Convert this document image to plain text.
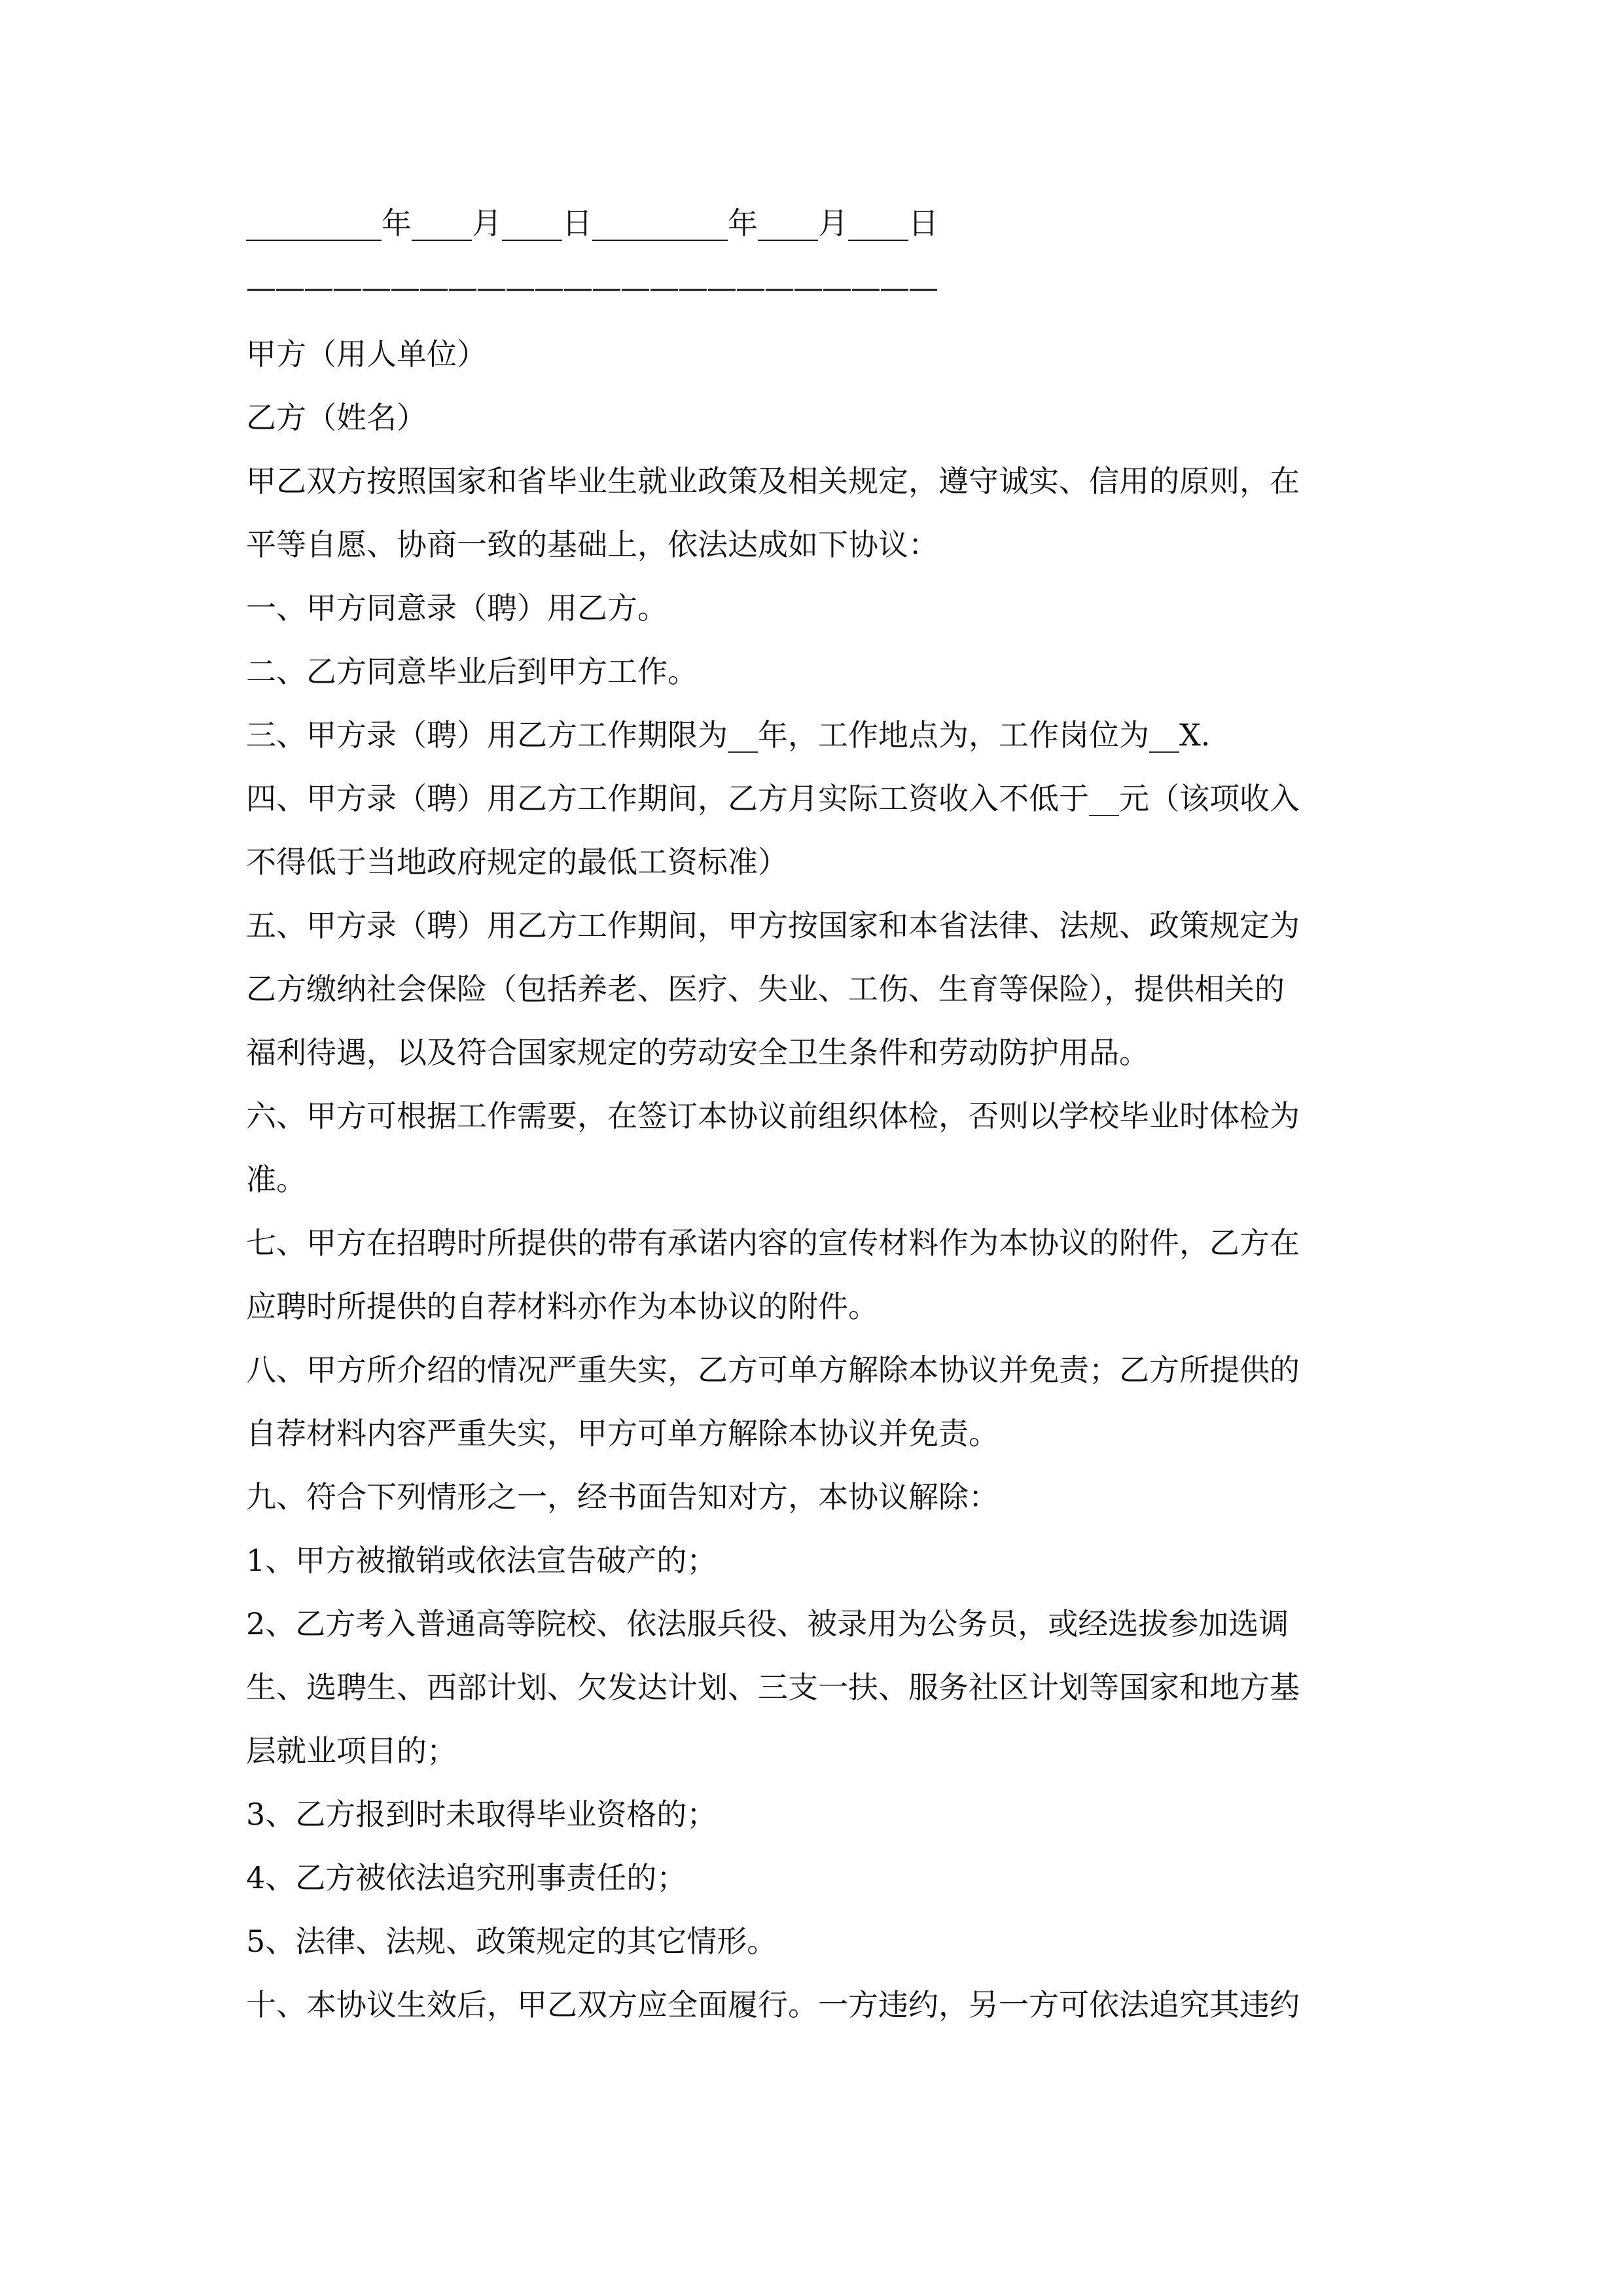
_________年____月____日_________年____月____日
————————————————————————
甲方（用人单位）
乙方（姓名）
甲乙双方按照国家和省毕业生就业政策及相关规定，遵守诚实、信用的原则，在
平等自愿、协商一致的基础上，依法达成如下协议：
一、甲方同意录（聘）用乙方。
二、乙方同意毕业后到甲方工作。
三、甲方录（聘）用乙方工作期限为__年，工作地点为，工作岗位为__X.
四、甲方录（聘）用乙方工作期间，乙方月实际工资收入不低于__元（该项收入
不得低于当地政府规定的最低工资标准）
五、甲方录（聘）用乙方工作期间，甲方按国家和本省法律、法规、政策规定为
乙方缴纳社会保险（包括养老、医疗、失业、工伤、生育等保险），提供相关的
福利待遇，以及符合国家规定的劳动安全卫生条件和劳动防护用品。
六、甲方可根据工作需要，在签订本协议前组织体检，否则以学校毕业时体检为
准。
七、甲方在招聘时所提供的带有承诺内容的宣传材料作为本协议的附件，乙方在
应聘时所提供的自荐材料亦作为本协议的附件。
八、甲方所介绍的情况严重失实，乙方可单方解除本协议并免责；乙方所提供的
自荐材料内容严重失实，甲方可单方解除本协议并免责。
九、符合下列情形之一，经书面告知对方，本协议解除：
1、甲方被撤销或依法宣告破产的；
2、乙方考入普通高等院校、依法服兵役、被录用为公务员，或经选拔参加选调
生、选聘生、西部计划、欠发达计划、三支一扶、服务社区计划等国家和地方基
层就业项目的；
3、乙方报到时未取得毕业资格的；
4、乙方被依法追究刑事责任的；
5、法律、法规、政策规定的其它情形。
十、本协议生效后，甲乙双方应全面履行。一方违约，另一方可依法追究其违约
